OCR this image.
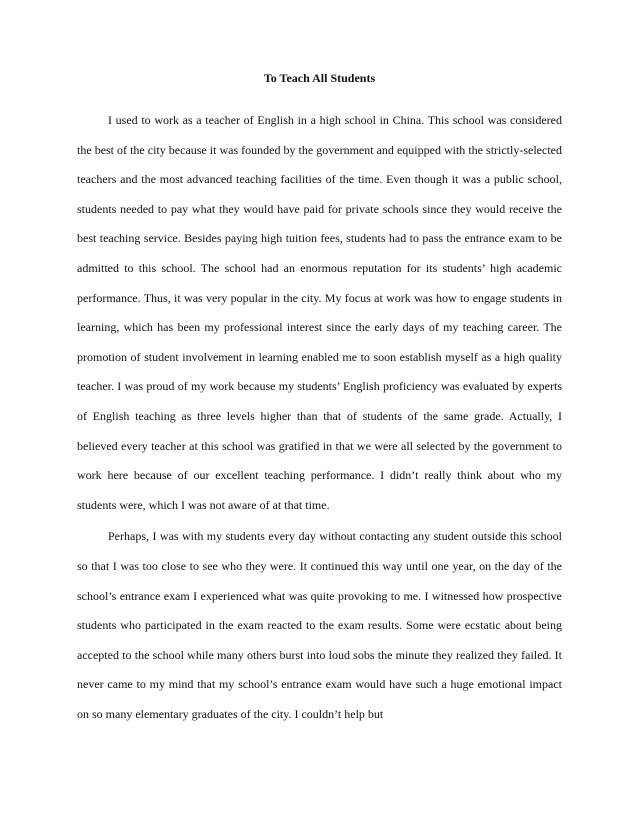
To Teach All Students

I used to work as a teacher of English in a high school in China. This school was considered the best of the city because it was founded by the government and equipped with the strictly-selected teachers and the most advanced teaching facilities of the time. Even though it was a public school, students needed to pay what they would have paid for private schools since they would receive the best teaching service. Besides paying high tuition fees, students had to pass the entrance exam to be admitted to this school. The school had an enormous reputation for its students’ high academic performance. Thus, it was very popular in the city. My focus at work was how to engage students in learning, which has been my professional interest since the early days of my teaching career. The promotion of student involvement in learning enabled me to soon establish myself as a high quality teacher. I was proud of my work because my students’ English proficiency was evaluated by experts of English teaching as three levels higher than that of students of the same grade. Actually, I believed every teacher at this school was gratified in that we were all selected by the government to work here because of our excellent teaching performance. I didn’t really think about who my students were, which I was not aware of at that time.

Perhaps, I was with my students every day without contacting any student outside this school so that I was too close to see who they were. It continued this way until one year, on the day of the school’s entrance exam I experienced what was quite provoking to me. I witnessed how prospective students who participated in the exam reacted to the exam results. Some were ecstatic about being accepted to the school while many others burst into loud sobs the minute they realized they failed. It never came to my mind that my school’s entrance exam would have such a huge emotional impact on so many elementary graduates of the city. I couldn’t help but
